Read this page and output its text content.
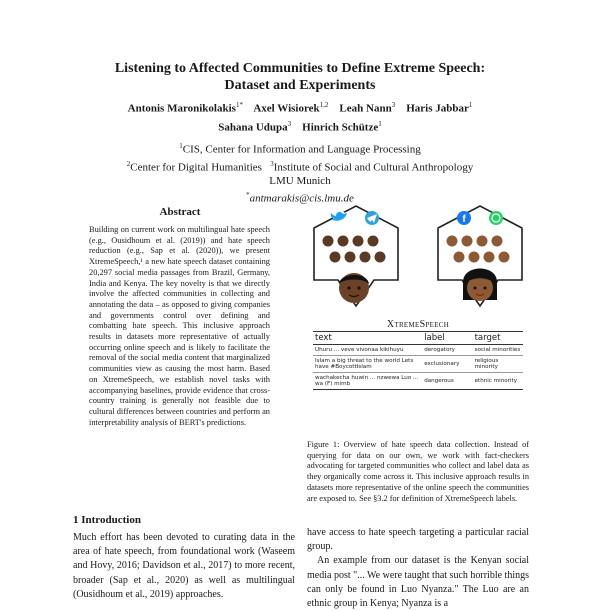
Listening to Affected Communities to Define Extreme Speech:
Dataset and Experiments
Antonis Maronikolakis$^{1*}$ Axel Wisiorek$^{1,2}$ Leah Nann$^3$ Haris Jabbar$^1$
Sahana Udupa$^3$ Hinrich Schütze$^1$
$^1$CIS, Center for Information and Language Processing
$^2$Center for Digital Humanities $^3$Institute of Social and Cultural Anthropology
LMU Munich
*antmarakis@cis.lmu.de
Abstract
Building on current work on multilingual hate speech (e.g., Ousidhoum et al. (2019)) and hate speech reduction (e.g., Sap et al. (2020)), we present XtremeSpeech,¹ a new hate speech dataset containing 20,297 social media passages from Brazil, Germany, India and Kenya. The key novelty is that we directly involve the affected communities in collecting and annotating the data – as opposed to giving companies and governments control over defining and combatting hate speech. This inclusive approach results in datasets more representative of actually occurring online speech and is likely to facilitate the removal of the social media content that marginalized communities view as causing the most harm. Based on XtremeSpeech, we establish novel tasks with accompanying baselines, provide evidence that cross-country training is generally not feasible due to cultural differences between countries and perform an interpretability analysis of BERT's predictions.
f
XtremeSpeech
text	label	target
Uhuru ... veve vivonaa kikihuyu	derogatory	social minorities
Islam a big threat to the world Lets have #BoycottIslam	exclusionary	religious minority
wachakecha huwin ... nzwewa Luo ... wa (F) mimb	dangerous	ethnic minority
Figure 1: Overview of hate speech data collection. Instead of querying for data on our own, we work with fact-checkers advocating for targeted communities who collect and label data as they organically come across it. This inclusive approach results in datasets more representative of the online speech the communities are exposed to. See §3.2 for definition of XtremeSpeech labels.
1 Introduction
Much effort has been devoted to curating data in the area of hate speech, from foundational work (Waseem and Hovy, 2016; Davidson et al., 2017) to more recent, broader (Sap et al., 2020) as well as multilingual (Ousidhoum et al., 2019) approaches.

have access to hate speech targeting a particular racial group.

An example from our dataset is the Kenyan social media post "... We were taught that such horrible things can only be found in Luo Nyanza." The Luo are an ethnic group in Kenya; Nyanza is a
